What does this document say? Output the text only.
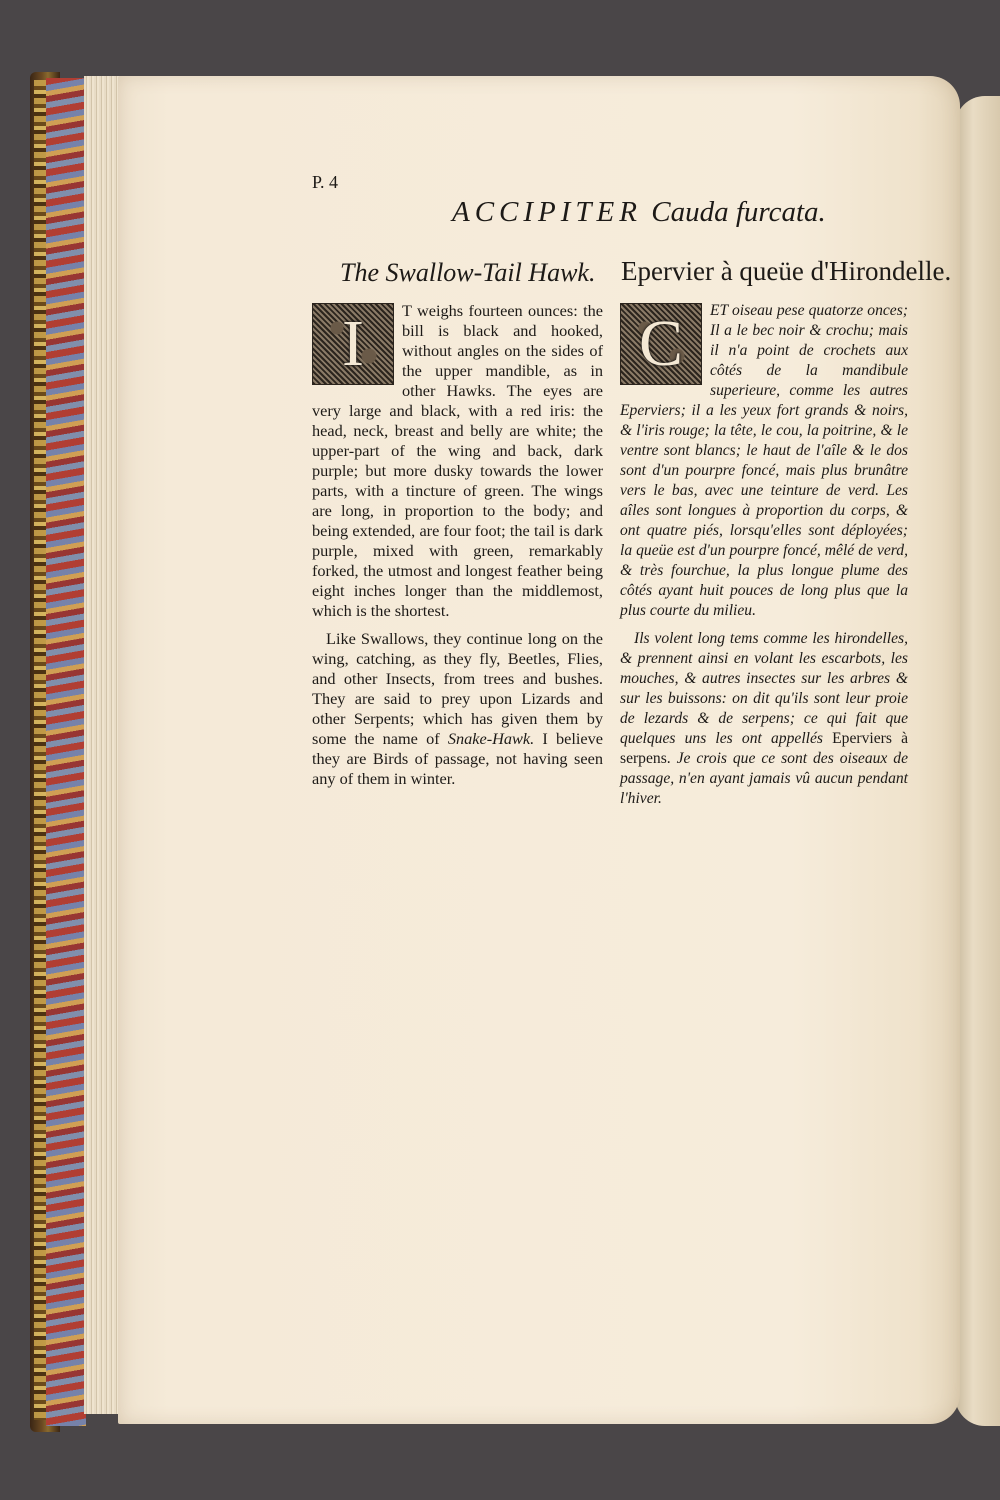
P. 4
ACCIPITER Cauda furcata.
The Swallow-Tail Hawk. Epervier à queüe d'Hirondelle.

I	T weighs fourteen ounces: the bill is black and hooked, without angles on the sides of the upper mandible, as in other Hawks. The eyes are very large and black, with a red iris: the head, neck, breast and belly are white; the upper-part of the wing and back, dark purple; but more dusky towards the lower parts, with a tincture of green. The wings are long, in proportion to the body; and being extended, are four foot; the tail is dark purple, mixed with green, remarkably forked, the utmost and longest feather being eight inches longer than the middlemost, which is the shortest.

Like Swallows, they continue long on the wing, catching, as they fly, Beetles, Flies, and other Insects, from trees and bushes. They are said to prey upon Lizards and other Serpents; which has given them by some the name of Snake-Hawk. I believe they are Birds of passage, not having seen any of them in winter.

C	ET oiseau pese quatorze onces; Il a le bec noir & crochu; mais il n'a point de crochets aux côtés de la mandibule superieure, comme les autres Eperviers; il a les yeux fort grands & noirs, & l'iris rouge; la tête, le cou, la poitrine, & le ventre sont blancs; le haut de l'aîle & le dos sont d'un pourpre foncé, mais plus brunâtre vers le bas, avec une teinture de verd. Les aîles sont longues à proportion du corps, & ont quatre piés, lorsqu'elles sont déployées; la queüe est d'un pourpre foncé, mêlé de verd, & très fourchue, la plus longue plume des côtés ayant huit pouces de long plus que la plus courte du milieu.

Ils volent long tems comme les hirondelles, & prennent ainsi en volant les escarbots, les mouches, & autres insectes sur les arbres & sur les buissons: on dit qu'ils sont leur proie de lezards & de serpens; ce qui fait que quelques uns les ont appellés Eperviers à serpens. Je crois que ce sont des oiseaux de passage, n'en ayant jamais vû aucun pendant l'hiver.
